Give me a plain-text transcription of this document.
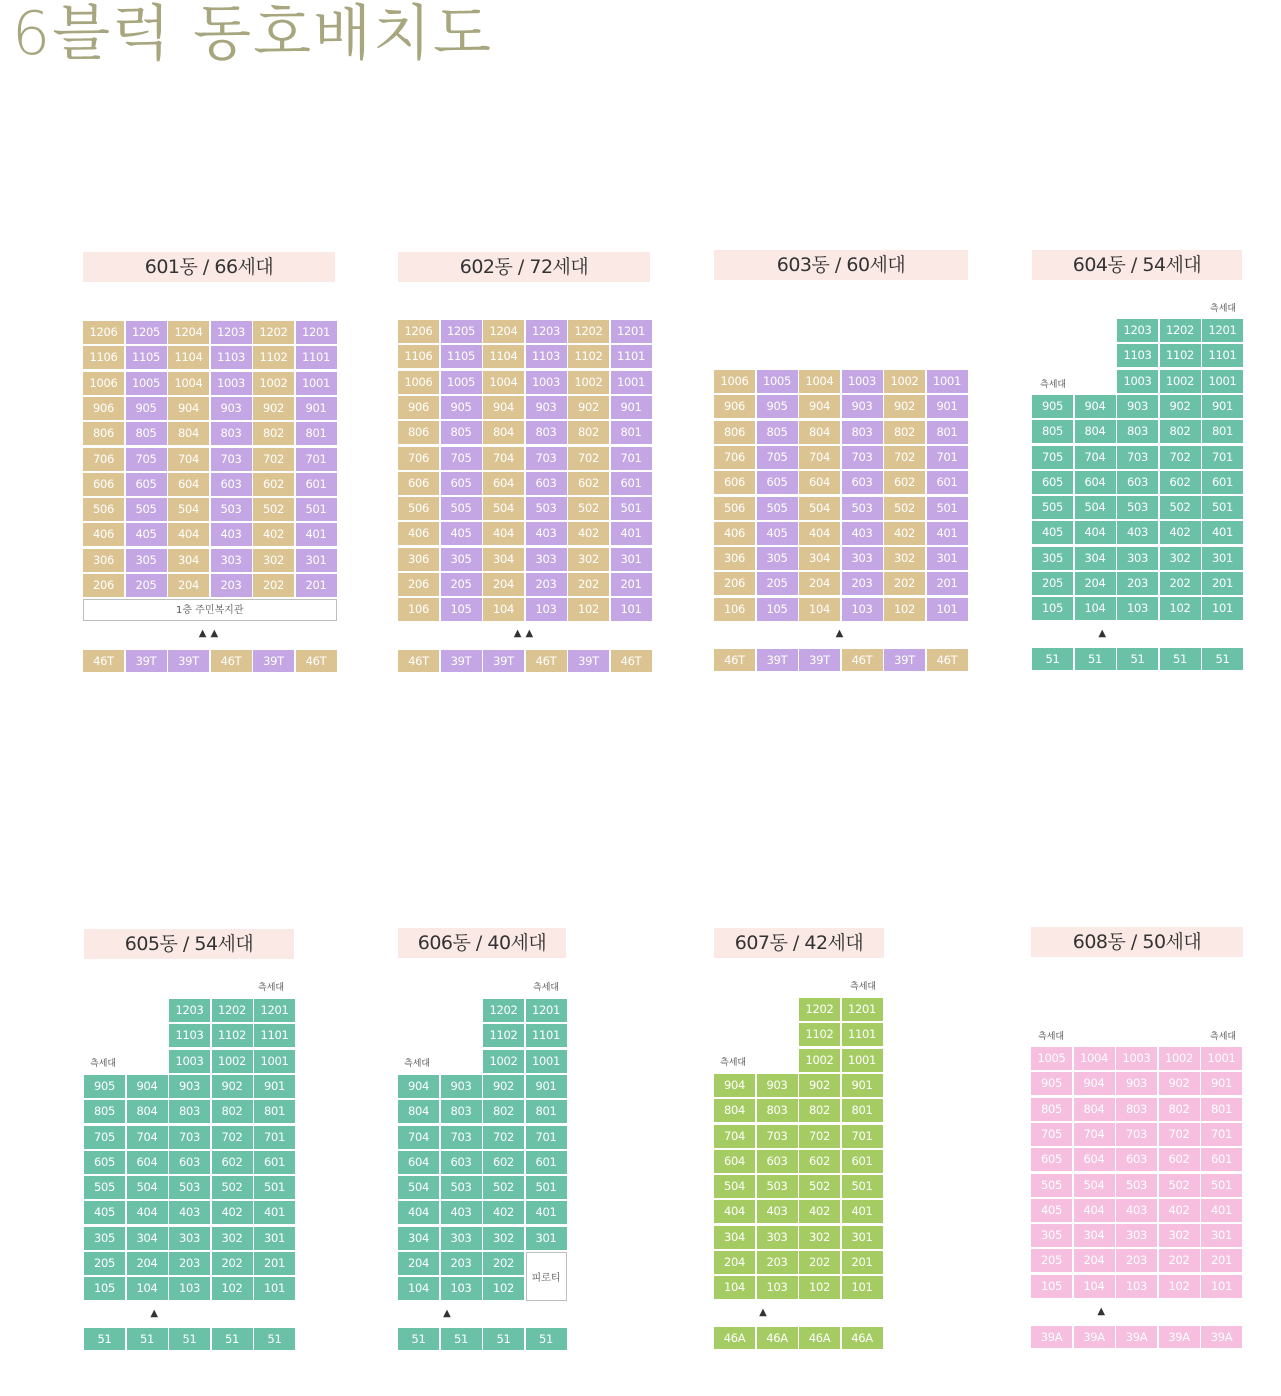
6블럭 동호배치도
601동 / 66세대
1206	1205	1204	1203	1202	1201
1106	1105	1104	1103	1102	1101
1006	1005	1004	1003	1002	1001
906	905	904	903	902	901
806	805	804	803	802	801
706	705	704	703	702	701
606	605	604	603	602	601
506	505	504	503	502	501
406	405	404	403	402	401
306	305	304	303	302	301
206	205	204	203	202	201
1층 주민복지관
▲▲
46T	39T	39T	46T	39T	46T
602동 / 72세대
1206	1205	1204	1203	1202	1201
1106	1105	1104	1103	1102	1101
1006	1005	1004	1003	1002	1001
906	905	904	903	902	901
806	805	804	803	802	801
706	705	704	703	702	701
606	605	604	603	602	601
506	505	504	503	502	501
406	405	404	403	402	401
306	305	304	303	302	301
206	205	204	203	202	201
106	105	104	103	102	101
▲▲
46T	39T	39T	46T	39T	46T
603동 / 60세대
1006	1005	1004	1003	1002	1001
906	905	904	903	902	901
806	805	804	803	802	801
706	705	704	703	702	701
606	605	604	603	602	601
506	505	504	503	502	501
406	405	404	403	402	401
306	305	304	303	302	301
206	205	204	203	202	201
106	105	104	103	102	101
▲
46T	39T	39T	46T	39T	46T
604동 / 54세대
1203	1202	1201
1103	1102	1101
1003	1002	1001
905	904	903	902	901
805	804	803	802	801
705	704	703	702	701
605	604	603	602	601
505	504	503	502	501
405	404	403	402	401
305	304	303	302	301
205	204	203	202	201
105	104	103	102	101
측세대
측세대
▲
51	51	51	51	51
605동 / 54세대
1203	1202	1201
1103	1102	1101
1003	1002	1001
905	904	903	902	901
805	804	803	802	801
705	704	703	702	701
605	604	603	602	601
505	504	503	502	501
405	404	403	402	401
305	304	303	302	301
205	204	203	202	201
105	104	103	102	101
측세대
측세대
▲
51	51	51	51	51
606동 / 40세대
1202	1201
1102	1101
1002	1001
904	903	902	901
804	803	802	801
704	703	702	701
604	603	602	601
504	503	502	501
404	403	402	401
304	303	302	301
204	203	202
104	103	102
피로티
측세대
측세대
▲
51	51	51	51
607동 / 42세대
1202	1201
1102	1101
1002	1001
904	903	902	901
804	803	802	801
704	703	702	701
604	603	602	601
504	503	502	501
404	403	402	401
304	303	302	301
204	203	202	201
104	103	102	101
측세대
측세대
▲
46A	46A	46A	46A
608동 / 50세대
1005	1004	1003	1002	1001
905	904	903	902	901
805	804	803	802	801
705	704	703	702	701
605	604	603	602	601
505	504	503	502	501
405	404	403	402	401
305	304	303	302	301
205	204	203	202	201
105	104	103	102	101
측세대
측세대
▲
39A	39A	39A	39A	39A
